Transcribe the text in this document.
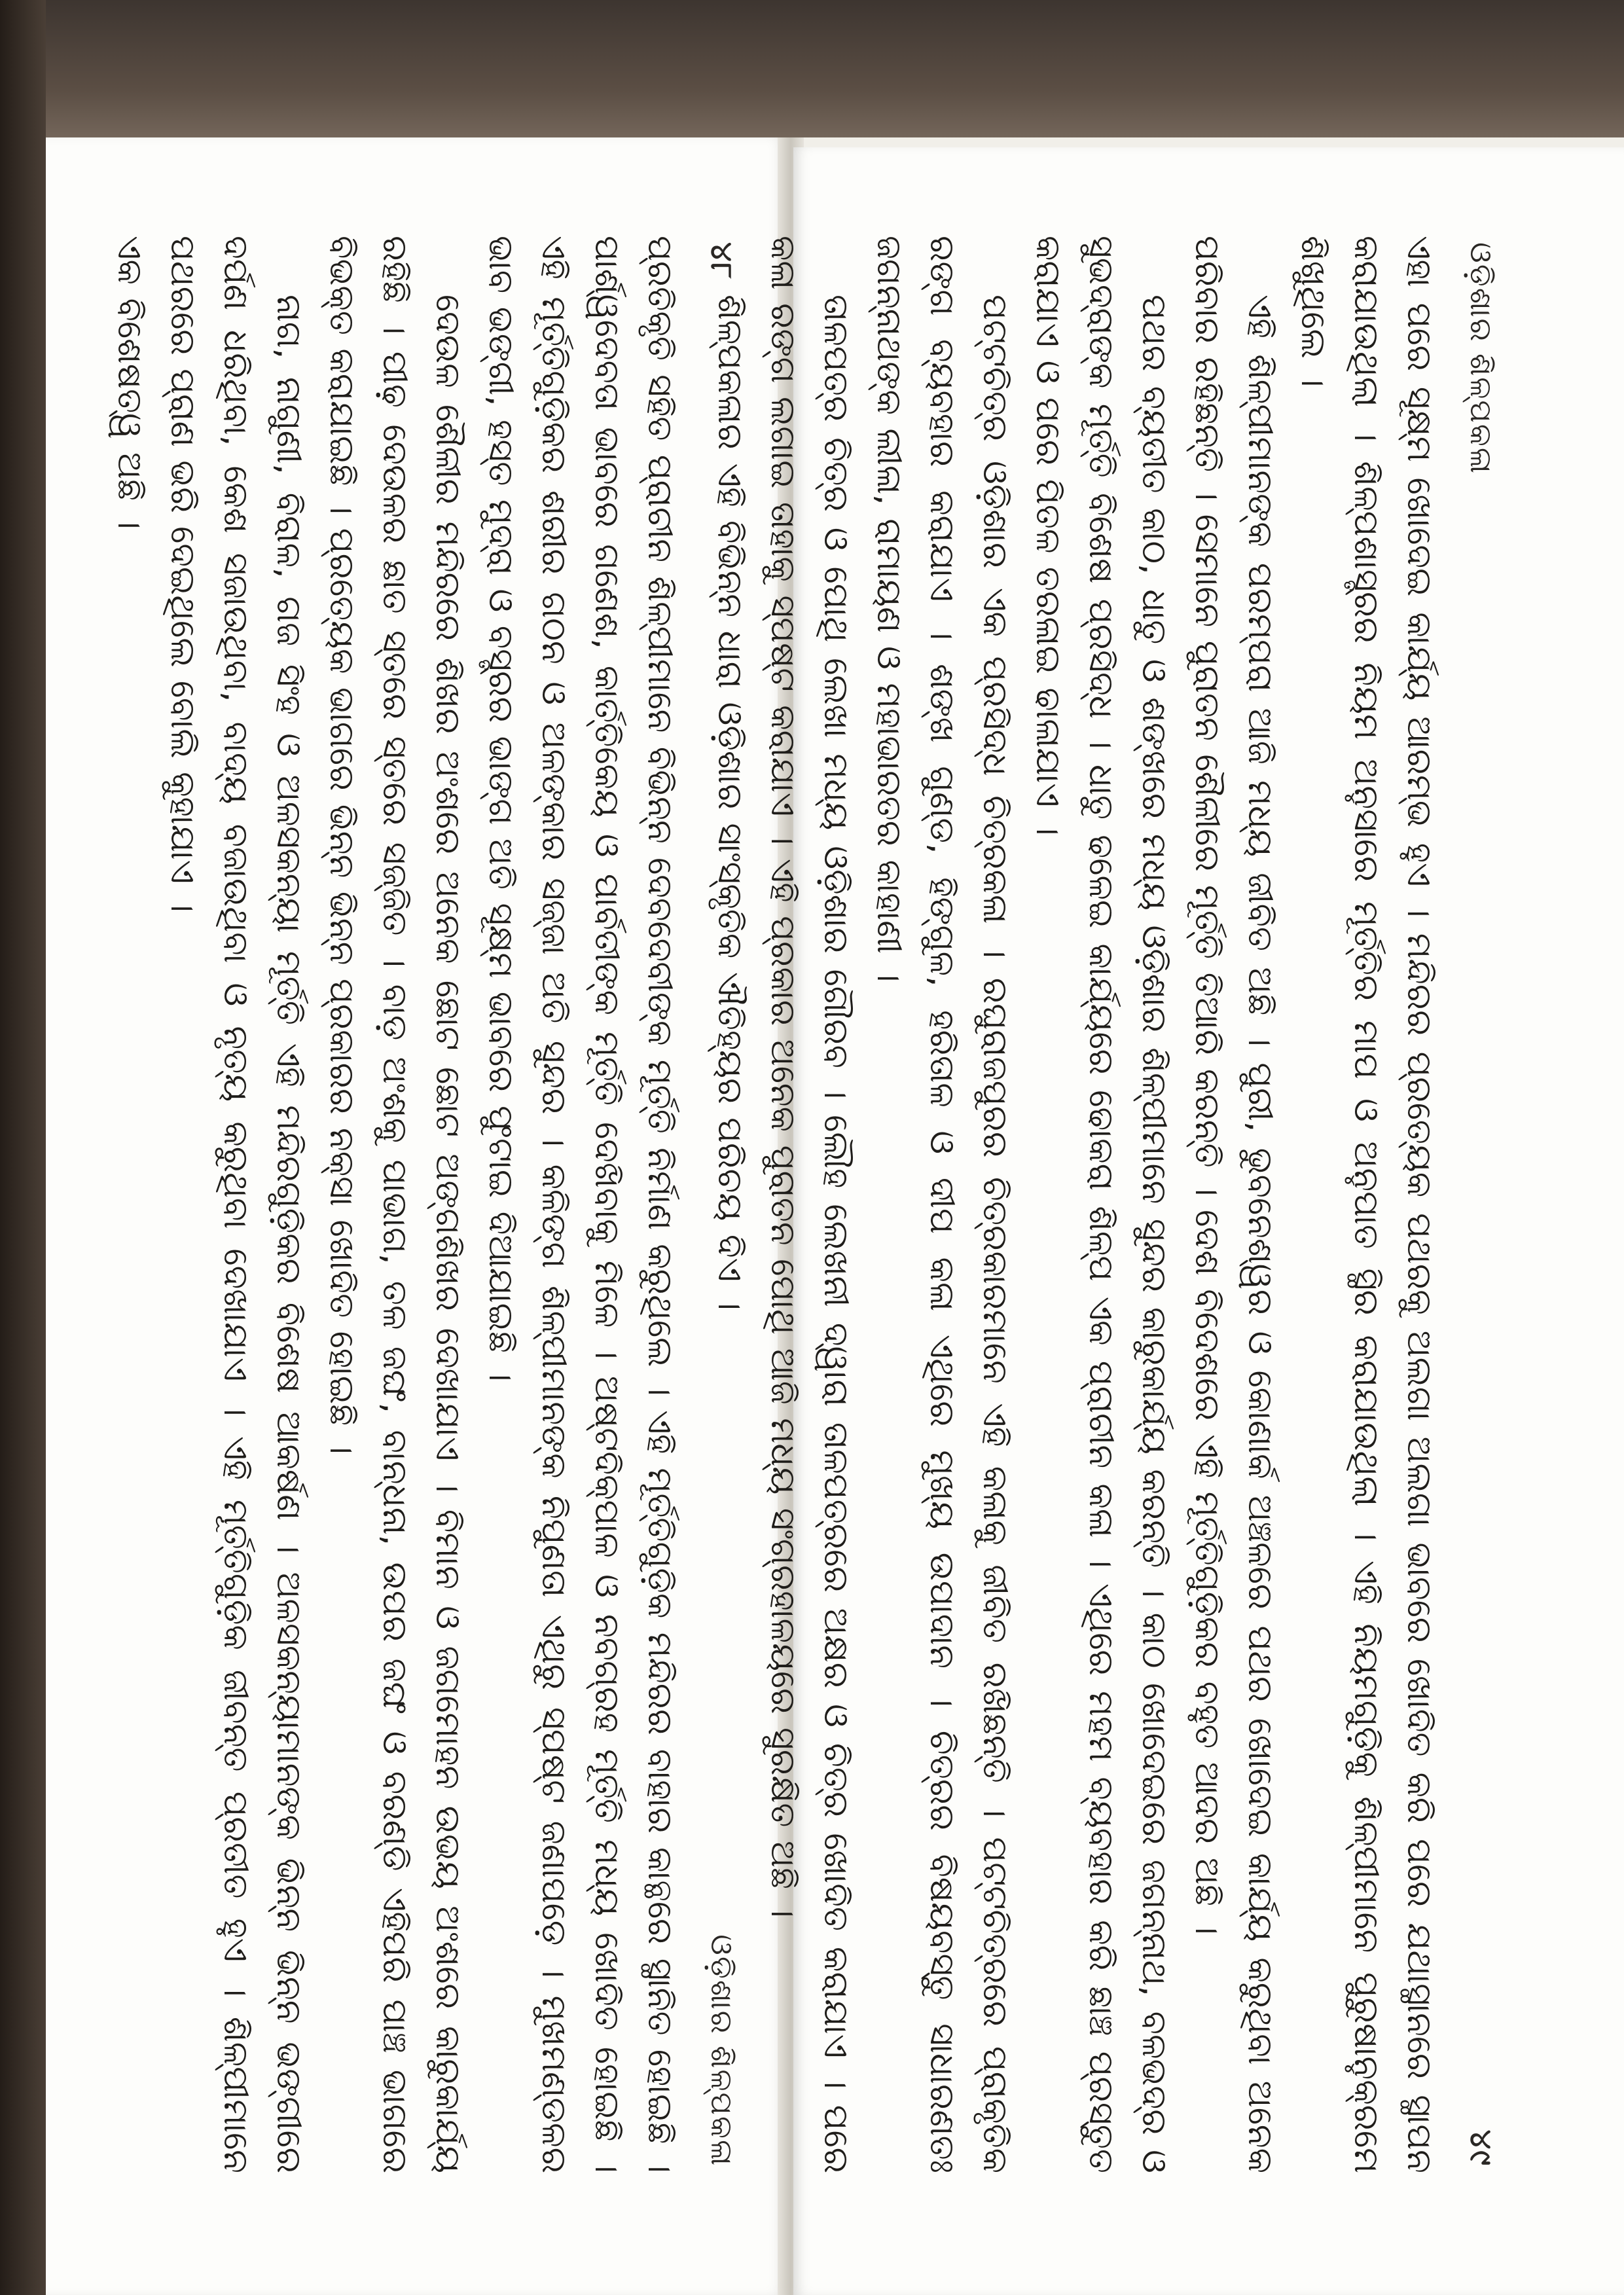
୪୮
ଓଡ଼ିଶାର ଶିଳ୍ପକଳା

ପ୍ରତିକୃତି ସହିତ ପ୍ରାଚୀନ ଶିଳ୍ପୀମାନେ ବିଭିନ୍ନ ଦେବଦେବୀଙ୍କ ମୂର୍ତ୍ତି ନିର୍ମାଣ କରୁଥିଲେ । ଏହି ମୂର୍ତ୍ତିଗୁଡ଼ିକ ମନ୍ଦିରର ବାହାର କାନ୍ଥରେ ସ୍ଥାନିତ ହୋଇଛି । ପାର୍ଶ୍ୱଦେବତା ଭାବରେ ଗଣେଶ, କାର୍ତ୍ତିକେୟ ଓ ପାର୍ବତୀଙ୍କ ମୂର୍ତ୍ତି ଦେଖିବାକୁ ମିଳେ । ଅଷ୍ଟଦିକ୍‌ପାଳ ଓ ନବଗ୍ରହ ମୂର୍ତ୍ତି ମଧ୍ୟ ଖୋଦିତ ହୋଇଛି । ଏହି ମୂର୍ତ୍ତିଗୁଡ଼ିକର ଶରୀର ଗଠନ ଓ ଅଳଙ୍କାର ସଜ୍ଜା ଅତି ସୁନ୍ଦର । କଳିଙ୍ଗ ଶିଳ୍ପୀମାନଙ୍କ ନିପୁଣତା ଏଥିରୁ ସ୍ପଷ୍ଟ ଜଣାପଡ଼େ । ମୁଖମଣ୍ଡଳର ଭାବ ଭଙ୍ଗୀ, ହସ୍ତ ମୁଦ୍ରା ଓ ବସ୍ତ୍ରର ଭାଙ୍ଗ ଅତି ସୂକ୍ଷ୍ମ ଭାବରେ ଫୁଟାଇ ଦିଆଯାଇଛି ।

ଦେଉଳ ଶୈଳୀର ମନ୍ଦିରରେ ଶିଖର ଅଂଶରେ ଅନେକ ଛୋଟ ଛୋଟ ଅଙ୍ଗଶିଖର ଦେଖାଯାଏ । ବିମାନ ଓ ଜଗମୋହନ ଉଭୟ ଅଂଶରେ କାରୁକାର୍ଯ୍ୟ ରହିଛି । ପୀଢ଼ ଦେଉଳର ଛାତ ସ୍ତରେ ସ୍ତରେ ସଜ୍ଜିତ । ବାଡ଼ ଅଂଶକୁ ପାଭାଗ, ତଳ ଜଙ୍ଘ, ବାନ୍ଧନା, ଉପର ଜଙ୍ଘ ଓ ବରଣ୍ଡି ଏହିପରି ପାଞ୍ଚ ଭାଗରେ ବିଭକ୍ତ କରାଯାଇଛି । ପ୍ରତ୍ୟେକ ଭାଗରେ ଭିନ୍ନ ଭିନ୍ନ ପ୍ରକାରର ନକ୍ସା ଖୋଦିତ ହୋଇଛି ।

ନାଗ, ନାଗୁଣୀ, ବିରାଳ, ଗଜ ସିଂହ ଓ ଅଳସକନ୍ୟା ମୂର୍ତ୍ତି ଏହି ମନ୍ଦିରଗୁଡ଼ିକର ବିଶେଷ ଆକର୍ଷଣ । ଅଳସକନ୍ୟାମାନଙ୍କ ଭିନ୍ନ ଭିନ୍ନ ଭଙ୍ଗୀରେ ଦର୍ପଣ ଧରିଥିବା, କେଶ ସଜାଉଥିବା, ବାଦ୍ୟ ବଜାଉଥିବା ଓ ନୃତ୍ୟ କରୁଥିବା ଦେଖାଯାଏ । ଏହି ମୂର୍ତ୍ତିଗୁଡ଼ିକ ଜୀବନ୍ତ ପ୍ରତୀତ ହୁଏ । ଶିଳ୍ପୀମାନେ ପଥରରେ ପ୍ରାଣ ଭରି ଦେଇଥିଲେ ବୋଲି କୁହାଯାଏ ।

ଏକ ବିଶେଷତ୍ୱ ଅଛି ।	ଓଡ଼ିଶାର ଶିଳ୍ପକଳା
୪୯

ଏହା ପରେ ସୂକ୍ଷ୍ମ ଖୋଦେଇ କାର୍ଯ୍ୟ ଆରମ୍ଭ ହୁଏ । ମନ୍ଦିରର ପ୍ରତ୍ୟେକ ପଥରକୁ ଅଲଗା ଅଲଗା ଭାବରେ ଖୋଦିତ କରି ପରେ ଯଥାସ୍ଥାନରେ ସ୍ଥାପନ କରାଯାଉଥିଲା । ଶିଳ୍ପଶାସ୍ତ୍ରର ନିୟମ ଅନୁସାରେ ମୂର୍ତ୍ତିର ମାପ ଓ ଅନୁପାତ ସ୍ଥିର କରାଯାଉଥିଲା । ଏହି ନିୟମଗୁଡ଼ିକୁ ଶିଳ୍ପୀମାନେ ପୁରୁଷାନୁକ୍ରମେ ଶିଖୁଥିଲେ ।

ଏହି ଶିଳ୍ପୀମାନଙ୍କ ପରମ୍ପରା ଆଜି ମଧ୍ୟ ଜୀବିତ ଅଛି । ପୁରୀ, ଭୁବନେଶ୍ୱର ଓ କୋଣାର୍କ ଅଞ୍ଚଳରେ ପଥର ଖୋଦେଇ କାର୍ଯ୍ୟ କରୁଥିବା ଅନେକ ପରିବାର ରହିଛନ୍ତି । ସେମାନେ ପୁରାତନ ଶୈଳୀରେ ମୂର୍ତ୍ତି ତିଆରି କରନ୍ତି । ଦେଶ ବିଦେଶରେ ଏହି ମୂର୍ତ୍ତିଗୁଡ଼ିକର ବହୁତ ଆଦର ଅଛି ।

ପଥର ବ୍ୟତୀତ କାଠ, ଧାତୁ ଓ ଶଙ୍ଖରେ ମଧ୍ୟ ଓଡ଼ିଶାର ଶିଳ୍ପୀମାନେ ସୁନ୍ଦର କାରୁକାର୍ଯ୍ୟ କରନ୍ତି । କାଠ ଖୋଦେଇରେ ଜଗନ୍ନାଥ, ବଳଭଦ୍ର ଓ ସୁଭଦ୍ରାଙ୍କ ମୂର୍ତ୍ତି ବିଶେଷ ପ୍ରସିଦ୍ଧ । ଧାତୁ ଢଳେଇ କାର୍ଯ୍ୟରେ ଢୋକରା ଶିଳ୍ପ ଏକ ପ୍ରାଚୀନ କଳା । ଏଥିରେ ମହମ ବ୍ୟବହାର କରି ଛାଞ୍ଚ ପ୍ରସ୍ତୁତ କରାଯାଏ ଓ ପରେ ପିତଳ ତରଳାଇ ଢାଳାଯାଏ ।

ପଟ୍ଟଚିତ୍ର ଓଡ଼ିଶାର ଏକ ପ୍ରସିଦ୍ଧ ଚିତ୍ରକଳା । ରଘୁରାଜପୁରର ଚିତ୍ରକାରମାନେ ଏହି କଳାକୁ ଜୀବିତ ରଖିଛନ୍ତି । ପଟ୍ଟଚିତ୍ରରେ ପ୍ରାକୃତିକ ରଙ୍ଗ ବ୍ୟବହାର କରାଯାଏ । ଶଙ୍ଖ ଗୁଣ୍ଡ, ହିଙ୍ଗୁଳ, ହରିତାଳ ଓ ଦୀପ କଳା ଏଥିରେ ମୁଖ୍ୟ ଉପାଦାନ । ଚିତ୍ରର ବିଷୟବସ୍ତୁ ସାଧାରଣତଃ ଜଗନ୍ନାଥଙ୍କ ଲୀଳା, ରାମାୟଣ ଓ ମହାଭାରତର କାହାଣୀ ।

ତାଳପତ୍ର ଚିତ୍ର ଓ ପୋଥି ଲେଖା ମଧ୍ୟ ଓଡ଼ିଶାର ଗୌରବ । ଲୌହ ଲେଖନୀ ଦ୍ୱାରା ତାଳପତ୍ରରେ ଅକ୍ଷର ଓ ଚିତ୍ର ଖୋଦିତ କରାଯାଏ । ପରେ କଳା ରଙ୍ଗ ଲଗାଇ ତାହାକୁ ସ୍ପଷ୍ଟ କରାଯାଏ । ଏହି ପ୍ରକାର ଅନେକ ପୁରାତନ ପୋଥି ଆଜି ମଧ୍ୟ ସଂଗ୍ରହାଳୟରେ ସୁରକ୍ଷିତ ଅଛି ।

ଶିଳ୍ପକଳାର ଏହି ବିଭିନ୍ନ ଧାରା ଓଡ଼ିଶାର ସାଂସ୍କୃତିକ ଐତିହ୍ୟର ପରିଚୟ ଦିଏ ।
